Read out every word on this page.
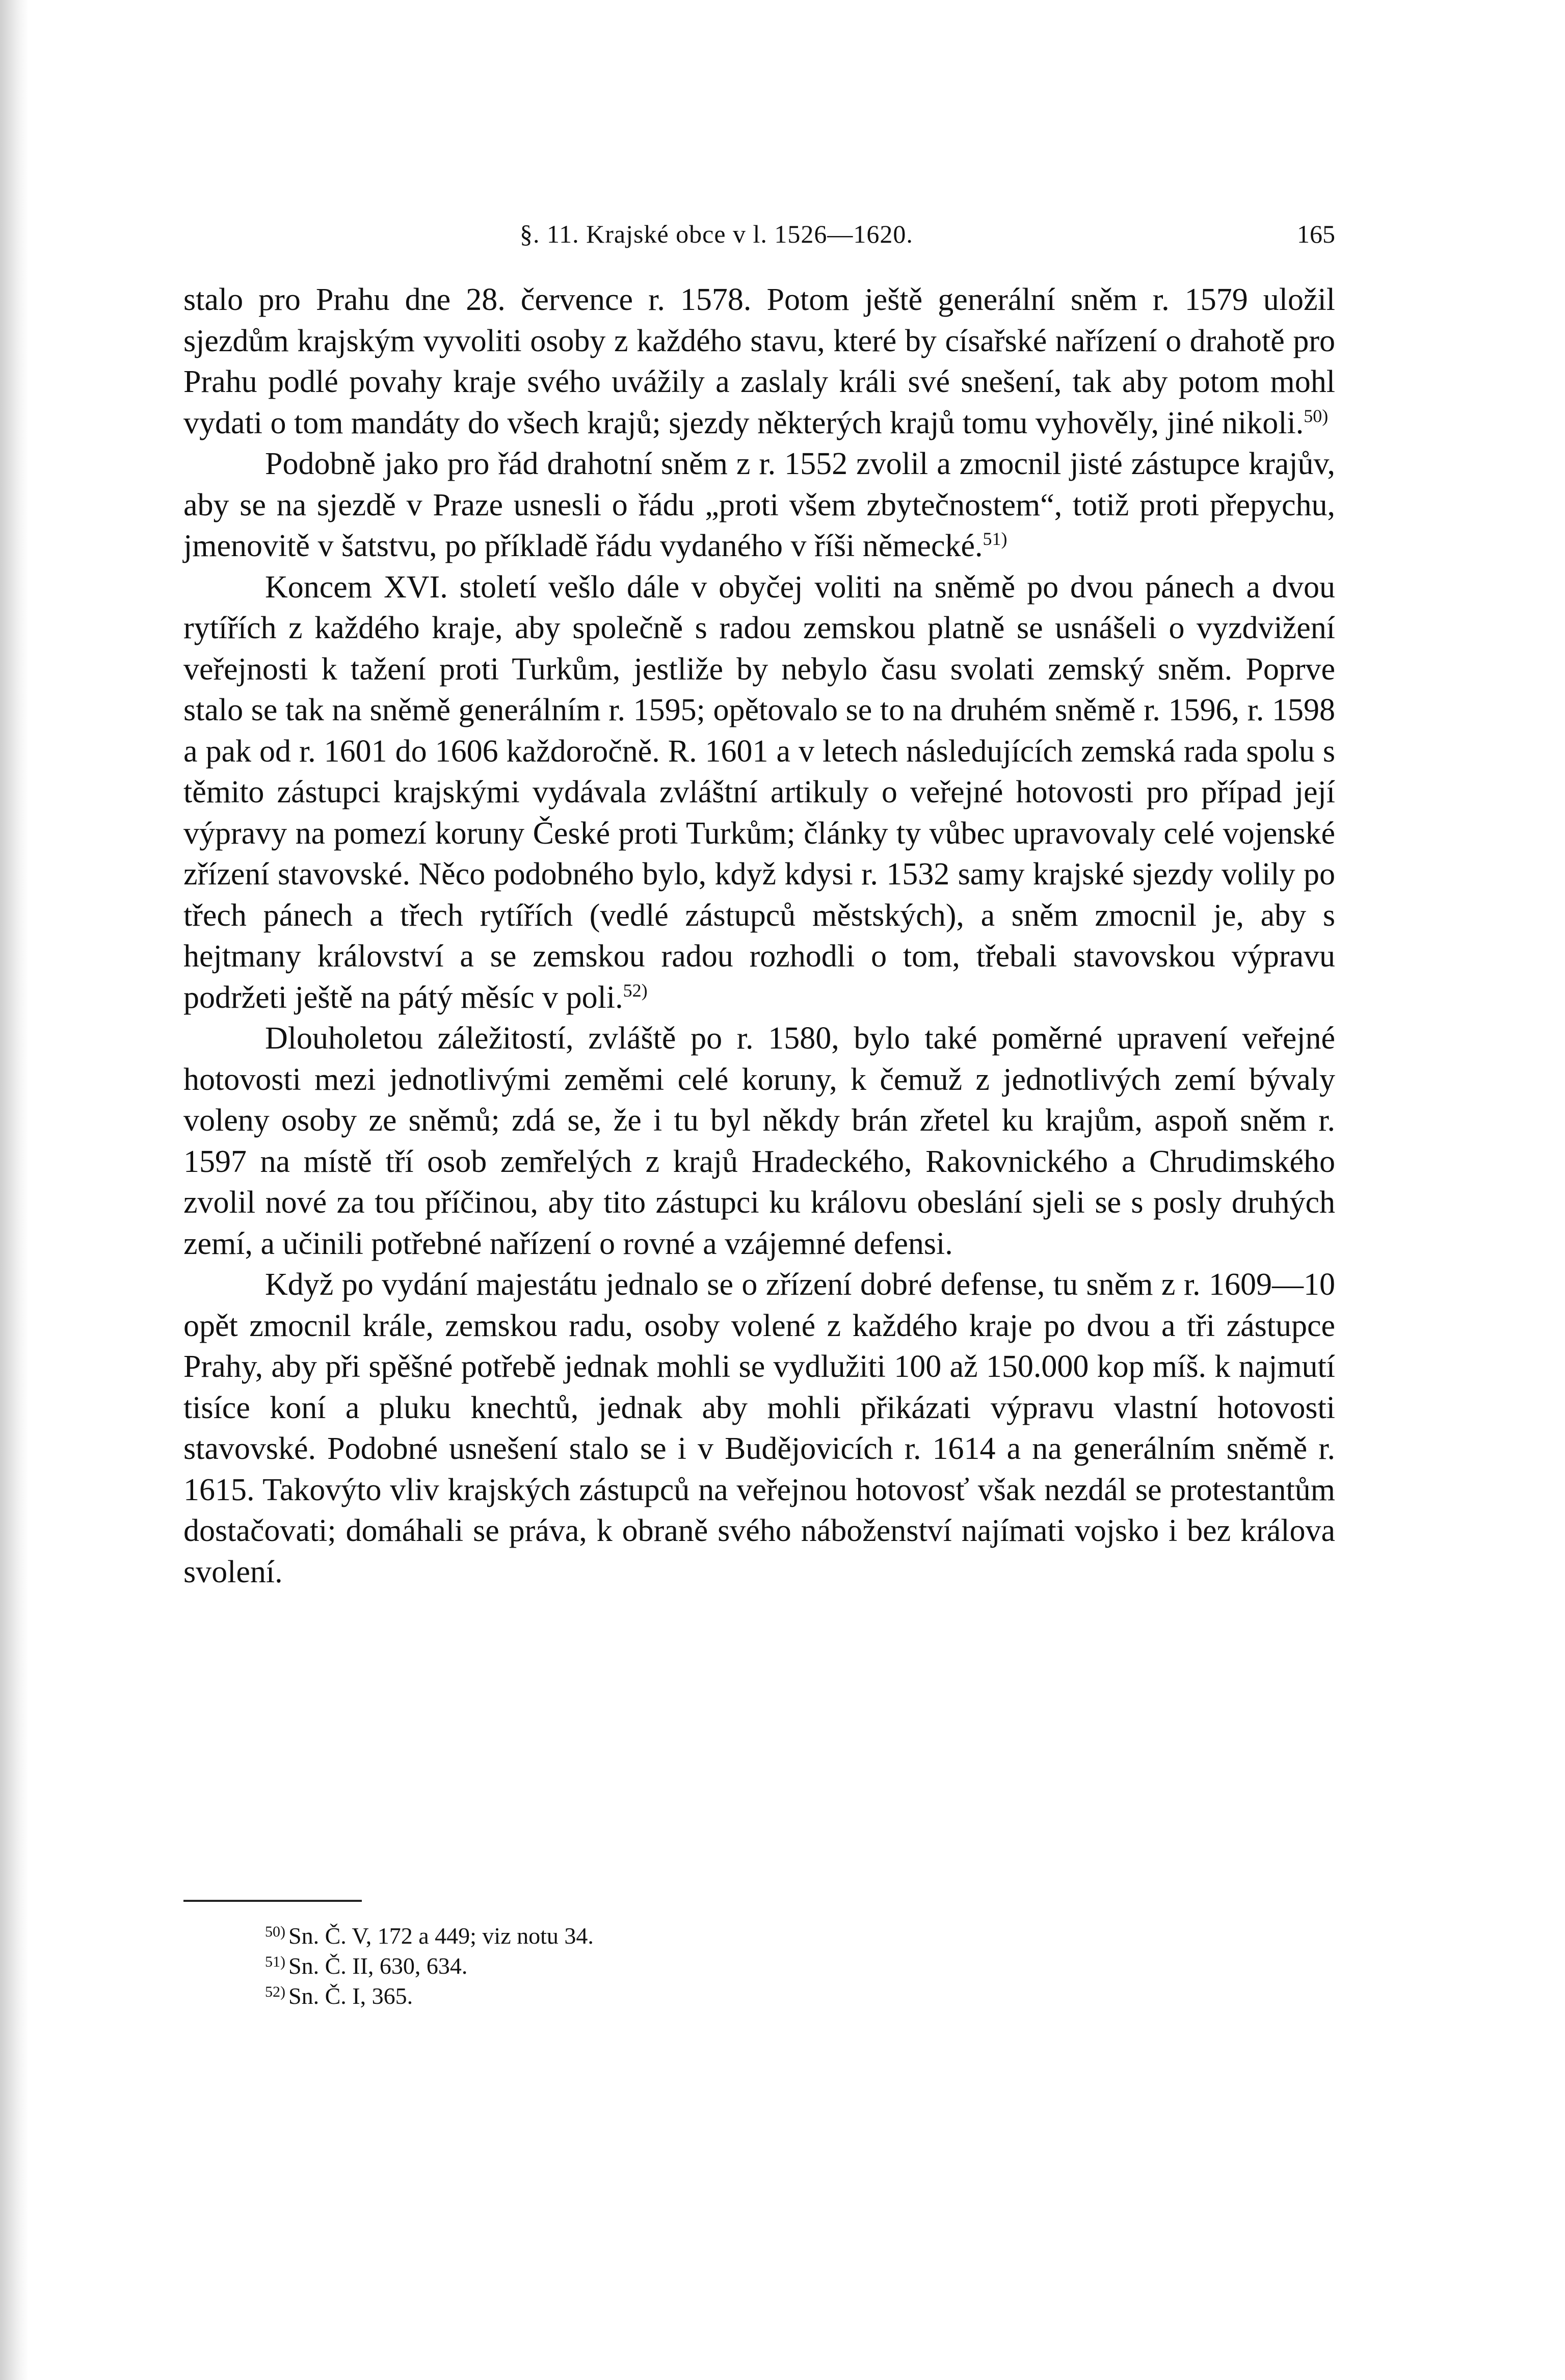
§. 11. Krajské obce v l. 1526—1620.	165

stalo pro Prahu dne 28. července r. 1578. Potom ještě generální sněm r. 1579 uložil sjezdům krajským vyvoliti osoby z každého stavu, které by císařské nařízení o drahotě pro Prahu podlé povahy kraje svého uvážily a zaslaly králi své snešení, tak aby potom mohl vydati o tom mandáty do všech krajů; sjezdy některých krajů tomu vyhověly, jiné nikoli.$^{50)}$

Podobně jako pro řád drahotní sněm z r. 1552 zvolil a zmocnil jisté zástupce krajův, aby se na sjezdě v Praze usnesli o řádu „proti všem zbytečnostem“, totiž proti přepychu, jmenovitě v šatstvu, po příkladě řádu vydaného v říši německé.$^{51)}$

Koncem XVI. století vešlo dále v obyčej voliti na sněmě po dvou pánech a dvou rytířích z každého kraje, aby společně s radou zemskou platně se usnášeli o vyzdvižení veřejnosti k tažení proti Turkům, jestliže by nebylo času svolati zemský sněm. Poprve stalo se tak na sněmě generálním r. 1595; opětovalo se to na druhém sněmě r. 1596, r. 1598 a pak od r. 1601 do 1606 každoročně. R. 1601 a v letech následujících zemská rada spolu s těmito zástupci krajskými vydávala zvláštní artikuly o veřejné hotovosti pro případ její výpravy na pomezí koruny České proti Turkům; články ty vůbec upravovaly celé vojenské zřízení stavovské. Něco podobného bylo, když kdysi r. 1532 samy krajské sjezdy volily po třech pánech a třech rytířích (vedlé zástupců městských), a sněm zmocnil je, aby s hejtmany království a se zemskou radou rozhodli o tom, třebali stavovskou výpravu podržeti ještě na pátý měsíc v poli.$^{52)}$

Dlouholetou záležitostí, zvláště po r. 1580, bylo také poměrné upravení veřejné hotovosti mezi jednotlivými zeměmi celé koruny, k čemuž z jednotlivých zemí bývaly voleny osoby ze sněmů; zdá se, že i tu byl někdy brán zřetel ku krajům, aspoň sněm r. 1597 na místě tří osob zemřelých z krajů Hradeckého, Rakovnického a Chrudimského zvolil nové za tou příčinou, aby tito zástupci ku královu obeslání sjeli se s posly druhých zemí, a učinili potřebné nařízení o rovné a vzájemné defensi.

Když po vydání majestátu jednalo se o zřízení dobré defense, tu sněm z r. 1609—10 opět zmocnil krále, zemskou radu, osoby volené z každého kraje po dvou a tři zástupce Prahy, aby při spěšné potřebě jednak mohli se vydlužiti 100 až 150.000 kop míš. k najmutí tisíce koní a pluku knechtů, jednak aby mohli přikázati výpravu vlastní hotovosti stavovské. Podobné usnešení stalo se i v Budějovicích r. 1614 a na generálním sněmě r. 1615. Takovýto vliv krajských zástupců na veřejnou hotovosť však nezdál se protestantům dostačovati; domáhali se práva, k obraně svého náboženství najímati vojsko i bez králova svolení.

$^{50)}$ Sn. Č. V, 172 a 449; viz notu 34.

$^{51)}$ Sn. Č. II, 630, 634.

$^{52)}$ Sn. Č. I, 365.
